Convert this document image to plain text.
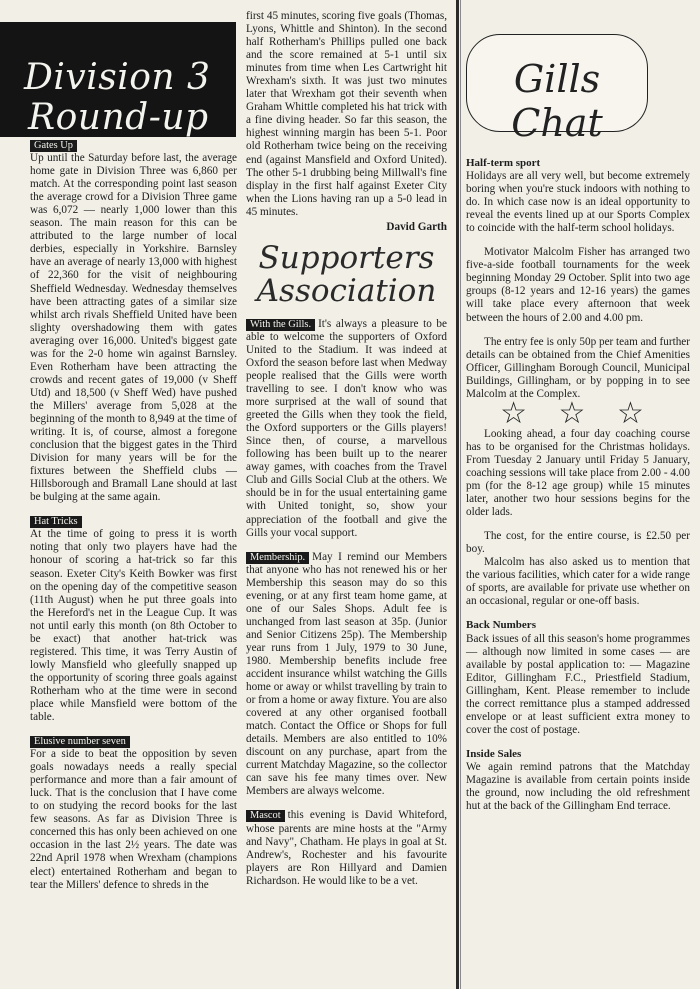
Division 3
Round-up

Gates Up
Up until the Saturday before last, the average home gate in Division Three was 6,860 per match. At the corresponding point last season the average crowd for a Division Three game was 6,072 — nearly 1,000 lower than this season. The main reason for this can be attributed to the large number of local derbies, especially in Yorkshire. Barnsley have an average of nearly 13,000 with highest of 22,360 for the visit of neighbouring Sheffield Wednesday. Wednesday themselves have been attracting gates of a similar size whilst arch rivals Sheffield United have been slighty overshadowing them with gates averaging over 16,000. United's biggest gate was for the 2-0 home win against Barnsley. Even Rotherham have been attracting the crowds and recent gates of 19,000 (v Sheff Utd) and 18,500 (v Sheff Wed) have pushed the Millers' average from 5,028 at the beginning of the month to 8,949 at the time of writing. It is, of course, almost a foregone conclusion that the biggest gates in the Third Division for many years will be for the fixtures between the Sheffield clubs — Hillsborough and Bramall Lane should at last be bulging at the same again.

Hat Tricks
At the time of going to press it is worth noting that only two players have had the honour of scoring a hat-trick so far this season. Exeter City's Keith Bowker was first on the opening day of the competitive season (11th August) when he put three goals into the Hereford's net in the League Cup. It was not until early this month (on 8th October to be exact) that another hat-trick was registered. This time, it was Terry Austin of lowly Mansfield who gleefully snapped up the opportunity of scoring three goals against Rotherham who at the time were in second place while Mansfield were bottom of the table.

Elusive number seven
For a side to beat the opposition by seven goals nowadays needs a really special performance and more than a fair amount of luck. That is the conclusion that I have come to on studying the record books for the last few seasons. As far as Division Three is concerned this has only been achieved on one occasion in the last 2½ years. The date was 22nd April 1978 when Wrexham (champions elect) entertained Rotherham and began to tear the Millers' defence to shreds in the

first 45 minutes, scoring five goals (Thomas, Lyons, Whittle and Shinton). In the second half Rotherham's Phillips pulled one back and the score remained at 5-1 until six minutes from time when Les Cartwright hit Wrexham's sixth. It was just two minutes later that Wrexham got their seventh when Graham Whittle completed his hat trick with a fine diving header. So far this season, the highest winning margin has been 5-1. Poor old Rotherham twice being on the receiving end (against Mansfield and Oxford United). The other 5-1 drubbing being Millwall's fine display in the first half against Exeter City when the Lions having ran up a 5-0 lead in 45 minutes.

David Garth
Supporters
Association

With the Gills. It's always a pleasure to be able to welcome the supporters of Oxford United to the Stadium. It was indeed at Oxford the season before last when Medway people realised that the Gills were worth travelling to see. I don't know who was more surprised at the wall of sound that greeted the Gills when they took the field, the Oxford supporters or the Gills players! Since then, of course, a marvellous following has been built up to the nearer away games, with coaches from the Travel Club and Gills Social Club at the others. We should be in for the usual entertaining game with United tonight, so, show your appreciation of the football and give the Gills your vocal support.

Membership. May I remind our Members that anyone who has not renewed his or her Membership this season may do so this evening, or at any first team home game, at one of our Sales Shops. Adult fee is unchanged from last season at 35p. (Junior and Senior Citizens 25p). The Membership year runs from 1 July, 1979 to 30 June, 1980. Membership benefits include free accident insurance whilst watching the Gills home or away or whilst travelling by train to or from a home or away fixture. You are also covered at any other organised football match. Contact the Office or Shops for full details. Members are also entitled to 10% discount on any purchase, apart from the current Matchday Magazine, so the collector can save his fee many times over. New Members are always welcome.

Mascot this evening is David Whiteford, whose parents are mine hosts at the "Army and Navy", Chatham. He plays in goal at St. Andrew's, Rochester and his favourite players are Ron Hillyard and Damien Richardson. He would like to be a vet.

Gills Chat

Half-term sport

Holidays are all very well, but become extremely boring when you're stuck indoors with nothing to do. In which case now is an ideal opportunity to reveal the events lined up at our Sports Complex to coincide with the half-term school holidays.

Motivator Malcolm Fisher has arranged two five-a-side football tournaments for the week beginning Monday 29 October. Split into two age groups (8-12 years and 12-16 years) the games will take place every afternoon that week between the hours of 2.00 and 4.00 pm.

The entry fee is only 50p per team and further details can be obtained from the Chief Amenities Officer, Gillingham Borough Council, Municipal Buildings, Gillingham, or by popping in to see Malcolm at the Complex.

☆ ☆ ☆

Looking ahead, a four day coaching course has to be organised for the Christmas holidays. From Tuesday 2 January until Friday 5 January, coaching sessions will take place from 2.00 - 4.00 pm (for the 8-12 age group) while 15 minutes later, another two hour sessions begins for the older lads.

The cost, for the entire course, is £2.50 per boy.

Malcolm has also asked us to mention that the various facilities, which cater for a wide range of sports, are available for private use whether on an occasional, regular or one-off basis.

Back Numbers

Back issues of all this season's home programmes — although now limited in some cases — are available by postal application to: — Magazine Editor, Gillingham F.C., Priestfield Stadium, Gillingham, Kent. Please remember to include the correct remittance plus a stamped addressed envelope or at least sufficient extra money to cover the cost of postage.

Inside Sales

We again remind patrons that the Matchday Magazine is available from certain points inside the ground, now including the old refreshment hut at the back of the Gillingham End terrace.
